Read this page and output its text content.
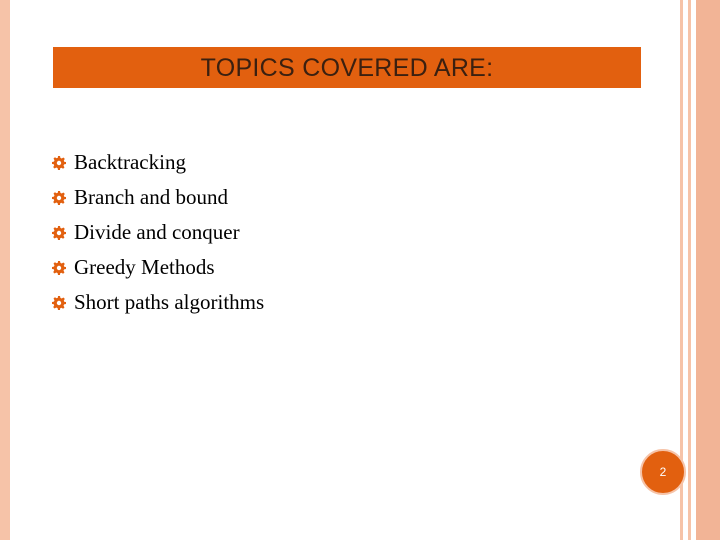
TOPICS COVERED ARE:
Backtracking
Branch and bound
Divide and conquer
Greedy Methods
Short paths algorithms
2
